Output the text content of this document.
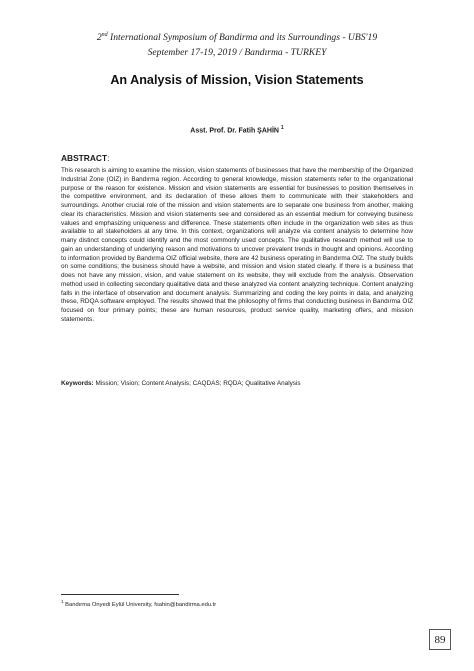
2nd International Symposium of Bandirma and its Surroundings - UBS'19
September 17-19, 2019 / Bandırma - TURKEY
An Analysis of Mission, Vision Statements
Asst. Prof. Dr. Fatih ŞAHİN $^1$
ABSTRACT:
This research is aiming to examine the mission, vision statements of businesses that have the membership of the Organized Industrial Zone (OIZ) in Bandırma region. According to general knowledge, mission statements refer to the organizational purpose or the reason for existence. Mission and vision statements are essential for businesses to position themselves in the competitive environment, and its declaration of these allows them to communicate with their stakeholders and surroundings. Another crucial role of the mission and vision statements are to separate one business from another, making clear its characteristics. Mission and vision statements see and considered as an essential medium for conveying business values and emphasizing uniqueness and difference. These statements often include in the organization web sites as thus available to all stakeholders at any time. In this context, organizations will analyze via content analysis to determine how many distinct concepts could identify and the most commonly used concepts. The qualitative research method will use to gain an understanding of underlying reason and motivations to uncover prevalent trends in thought and opinions. According to information provided by Bandırma OIZ official website, there are 42 business operating in Bandırma OIZ. The study builds on some conditions; the business should have a website, and mission and vision stated clearly. If there is a business that does not have any mission, vision, and value statement on its website, they will exclude from the analysis. Observation method used in collecting secondary qualitative data and these analyzed via content analyzing technique. Content analyzing falls in the interface of observation and document analysis. Summarizing and coding the key points in data, and analyzing these, RDQA software employed. The results showed that the philosophy of firms that conducting business in Bandırma OIZ focused on four primary points; these are human resources, product service quality, marketing offers, and mission statements.
Keywords: Mission; Vision; Content Analysis; CAQDAS; RQDA; Qualitative Analysis
$^1$ Bandırma Onyedi Eylül University, fsahin@bandirma.edu.tr
89
